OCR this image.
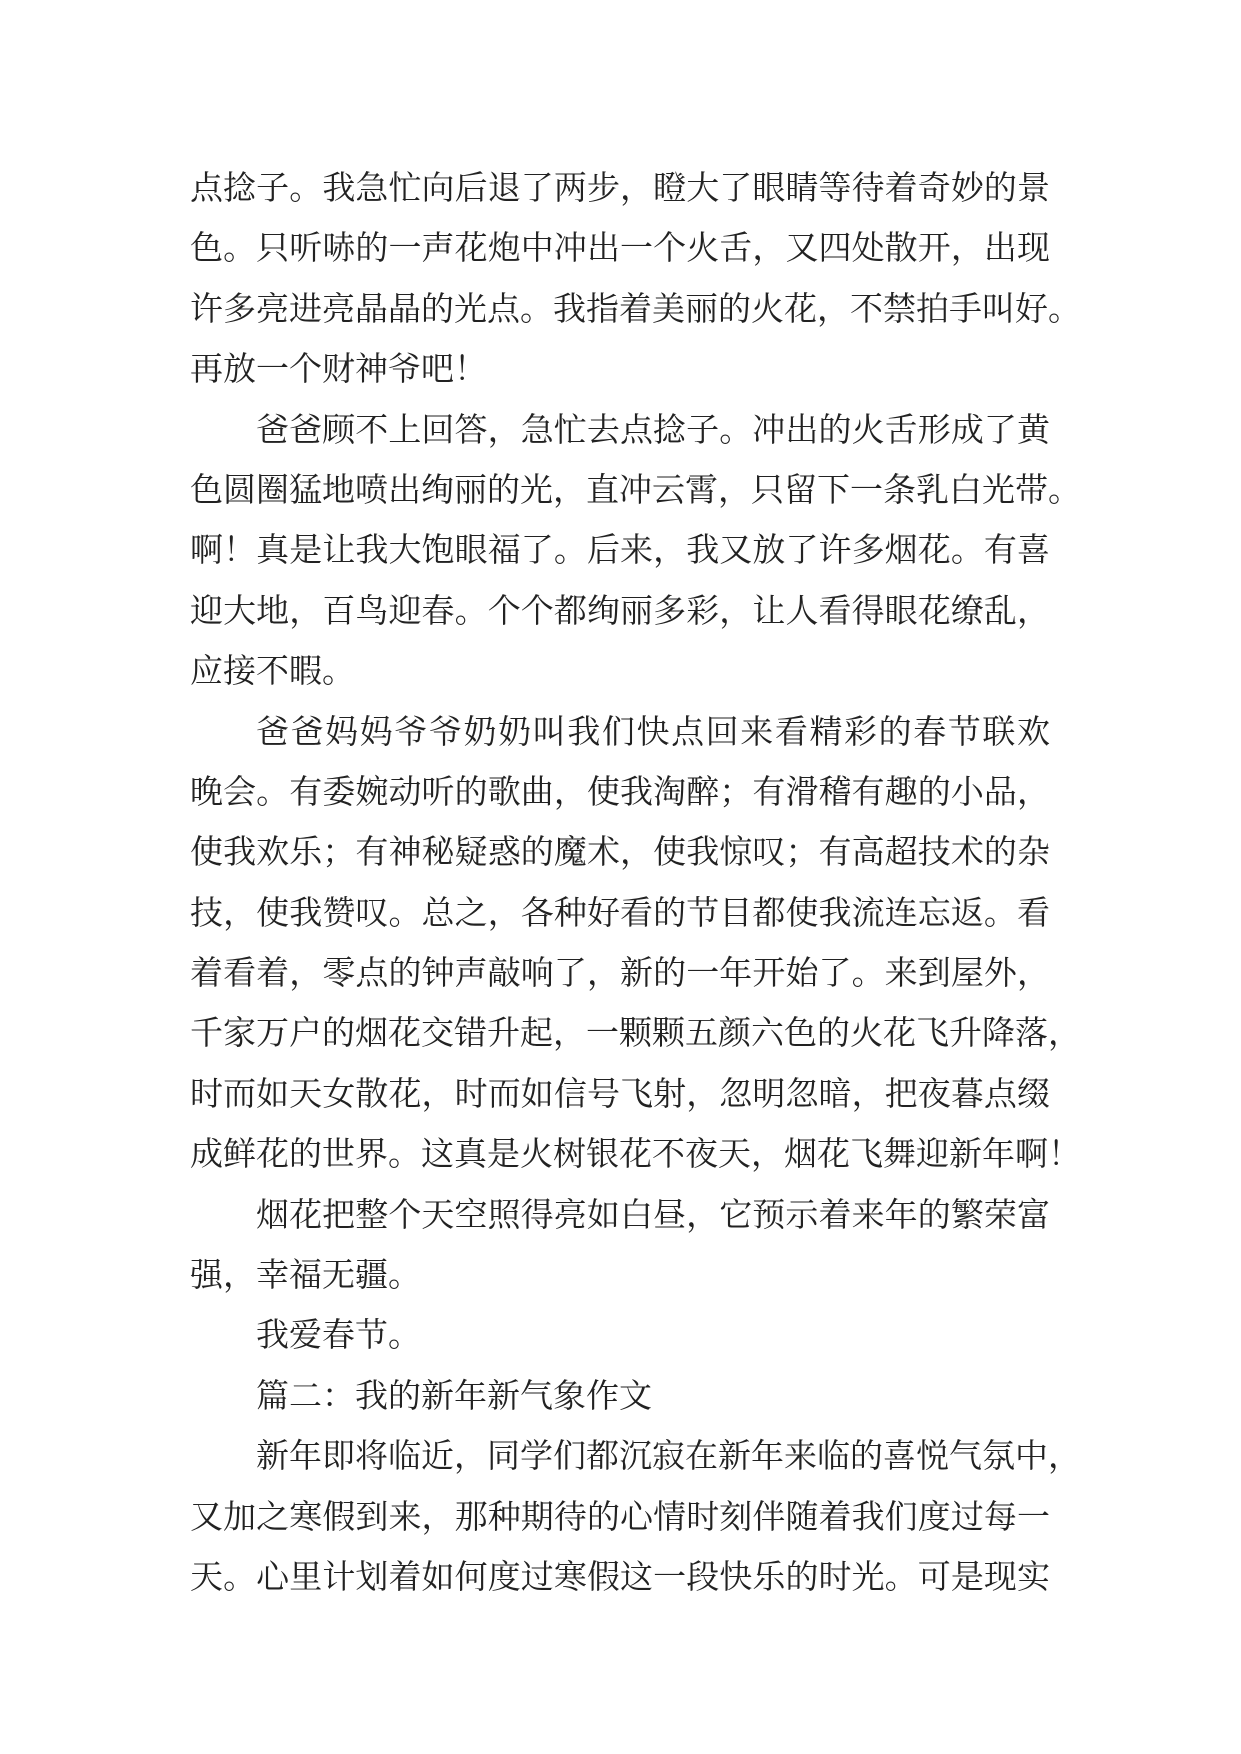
点捻子。我急忙向后退了两步，瞪大了眼睛等待着奇妙的景
色。只听哧的一声花炮中冲出一个火舌，又四处散开，出现
许多亮进亮晶晶的光点。我指着美丽的火花，不禁拍手叫好。
再放一个财神爷吧！
爸爸顾不上回答，急忙去点捻子。冲出的火舌形成了黄
色圆圈猛地喷出绚丽的光，直冲云霄，只留下一条乳白光带。
啊！真是让我大饱眼福了。后来，我又放了许多烟花。有喜
迎大地，百鸟迎春。个个都绚丽多彩，让人看得眼花缭乱，
应接不暇。
爸爸妈妈爷爷奶奶叫我们快点回来看精彩的春节联欢
晚会。有委婉动听的歌曲，使我淘醉；有滑稽有趣的小品，
使我欢乐；有神秘疑惑的魔术，使我惊叹；有高超技术的杂
技，使我赞叹。总之，各种好看的节目都使我流连忘返。看
着看着，零点的钟声敲响了，新的一年开始了。来到屋外，
千家万户的烟花交错升起，一颗颗五颜六色的火花飞升降落，
时而如天女散花，时而如信号飞射，忽明忽暗，把夜暮点缀
成鲜花的世界。这真是火树银花不夜天，烟花飞舞迎新年啊！
烟花把整个天空照得亮如白昼，它预示着来年的繁荣富
强，幸福无疆。
我爱春节。
篇二：我的新年新气象作文
新年即将临近，同学们都沉寂在新年来临的喜悦气氛中，
又加之寒假到来，那种期待的心情时刻伴随着我们度过每一
天。心里计划着如何度过寒假这一段快乐的时光。可是现实
